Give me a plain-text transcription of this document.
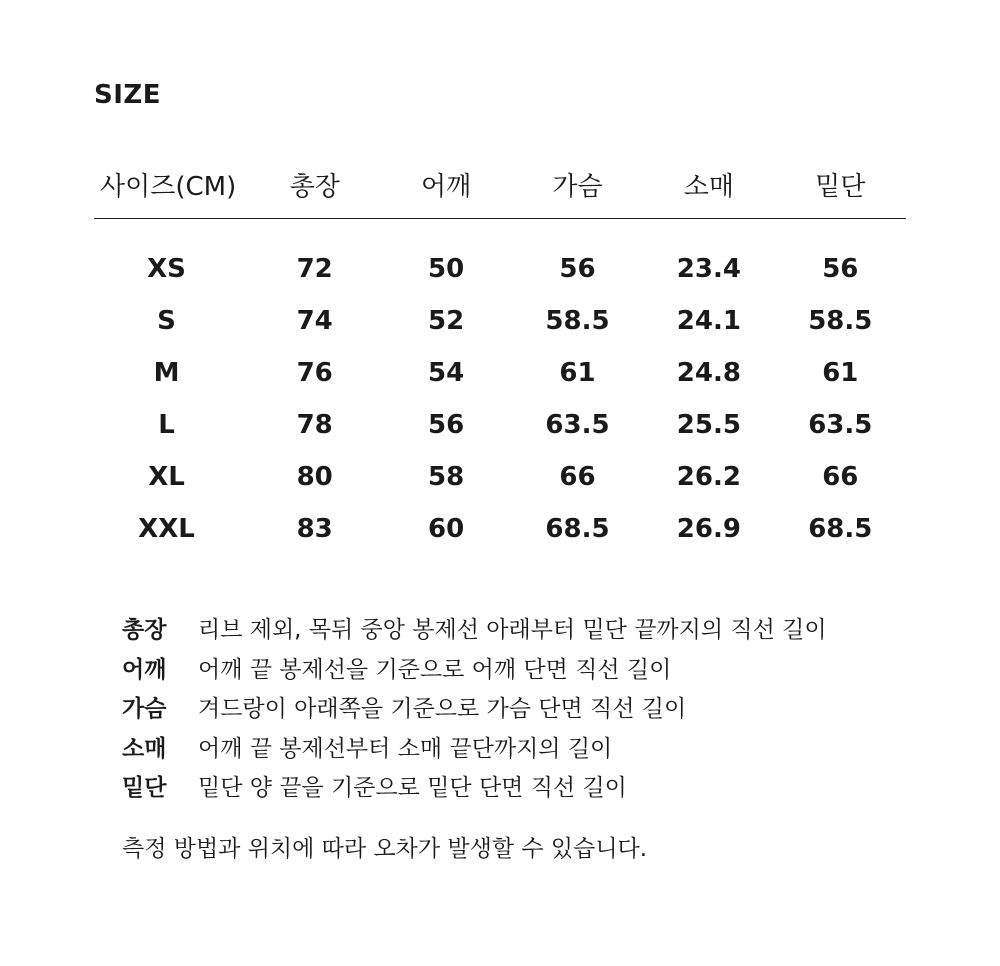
SIZE
사이즈(CM)	총장	어깨	가슴	소매	밑단

XS	72	50	56	23.4	56
S	74	52	58.5	24.1	58.5
M	76	54	61	24.8	61
L	78	56	63.5	25.5	63.5
XL	80	58	66	26.2	66
XXL	83	60	68.5	26.9	68.5
총장	리브 제외, 목뒤 중앙 봉제선 아래부터 밑단 끝까지의 직선 길이
어깨	어깨 끝 봉제선을 기준으로 어깨 단면 직선 길이
가슴	겨드랑이 아래쪽을 기준으로 가슴 단면 직선 길이
소매	어깨 끝 봉제선부터 소매 끝단까지의 길이
밑단	밑단 양 끝을 기준으로 밑단 단면 직선 길이
측정 방법과 위치에 따라 오차가 발생할 수 있습니다.
